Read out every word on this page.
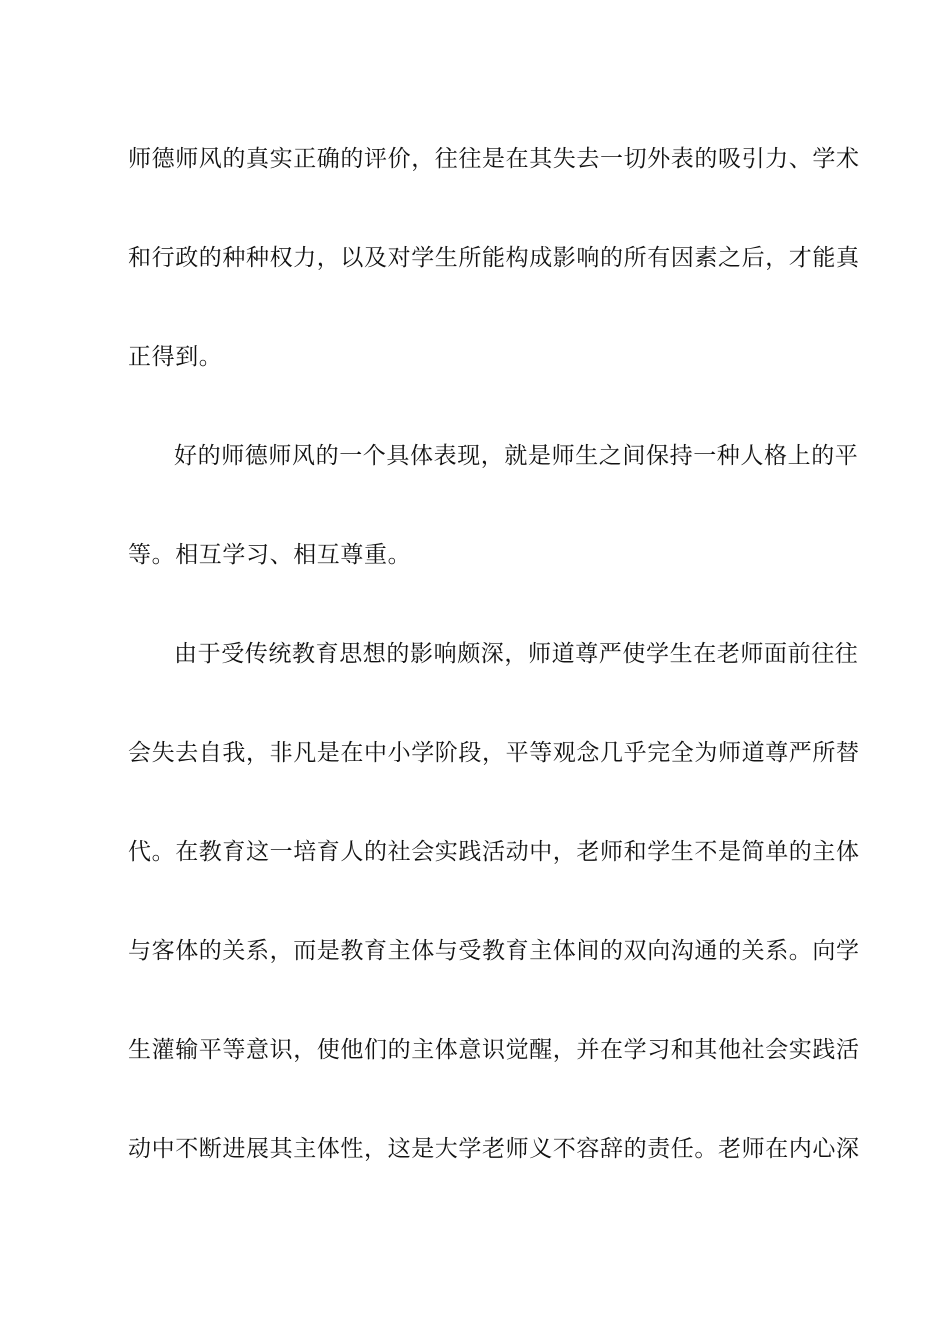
师德师风的真实正确的评价，往往是在其失去一切外表的吸引力、学术
和行政的种种权力，以及对学生所能构成影响的所有因素之后，才能真
正得到。
好的师德师风的一个具体表现，就是师生之间保持一种人格上的平
等。相互学习、相互尊重。
由于受传统教育思想的影响颇深，师道尊严使学生在老师面前往往
会失去自我，非凡是在中小学阶段，平等观念几乎完全为师道尊严所替
代。在教育这一培育人的社会实践活动中，老师和学生不是简单的主体
与客体的关系，而是教育主体与受教育主体间的双向沟通的关系。向学
生灌输平等意识，使他们的主体意识觉醒，并在学习和其他社会实践活
动中不断进展其主体性，这是大学老师义不容辞的责任。老师在内心深
